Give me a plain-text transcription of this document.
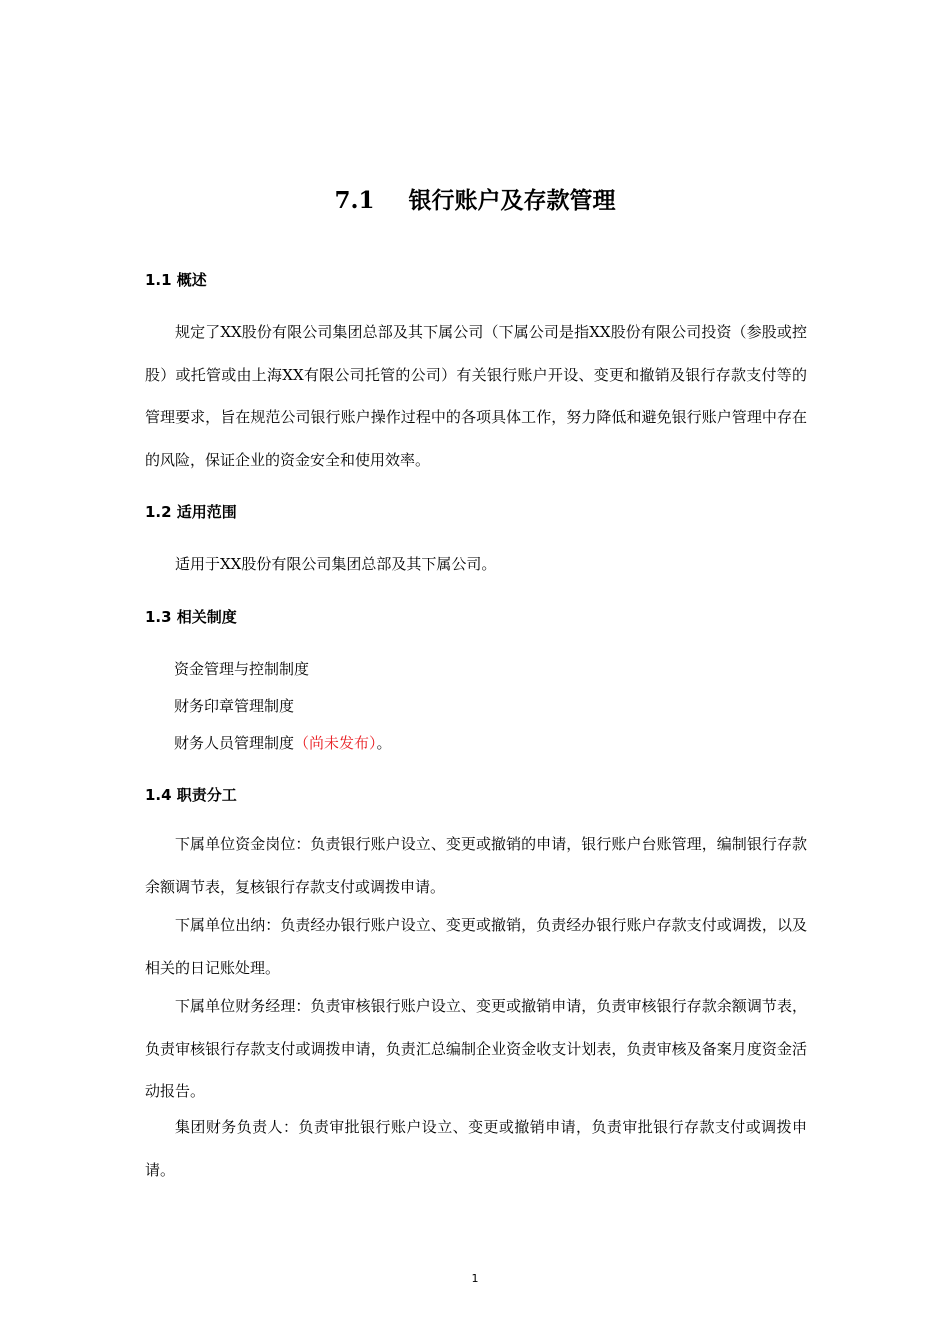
7.1 银行账户及存款管理
1.1 概述
规定了XX股份有限公司集团总部及其下属公司（下属公司是指XX股份有限公司投资（参股或控股）或托管或由上海XX有限公司托管的公司）有关银行账户开设、变更和撤销及银行存款支付等的管理要求，旨在规范公司银行账户操作过程中的各项具体工作，努力降低和避免银行账户管理中存在的风险，保证企业的资金安全和使用效率。
1.2 适用范围
适用于XX股份有限公司集团总部及其下属公司。
1.3 相关制度
资金管理与控制制度
财务印章管理制度
财务人员管理制度（尚未发布）。
1.4 职责分工
下属单位资金岗位：负责银行账户设立、变更或撤销的申请，银行账户台账管理，编制银行存款余额调节表，复核银行存款支付或调拨申请。
下属单位出纳：负责经办银行账户设立、变更或撤销，负责经办银行账户存款支付或调拨，以及相关的日记账处理。
下属单位财务经理：负责审核银行账户设立、变更或撤销申请，负责审核银行存款余额调节表，负责审核银行存款支付或调拨申请，负责汇总编制企业资金收支计划表，负责审核及备案月度资金活动报告。
集团财务负责人：负责审批银行账户设立、变更或撤销申请，负责审批银行存款支付或调拨申请。
1
